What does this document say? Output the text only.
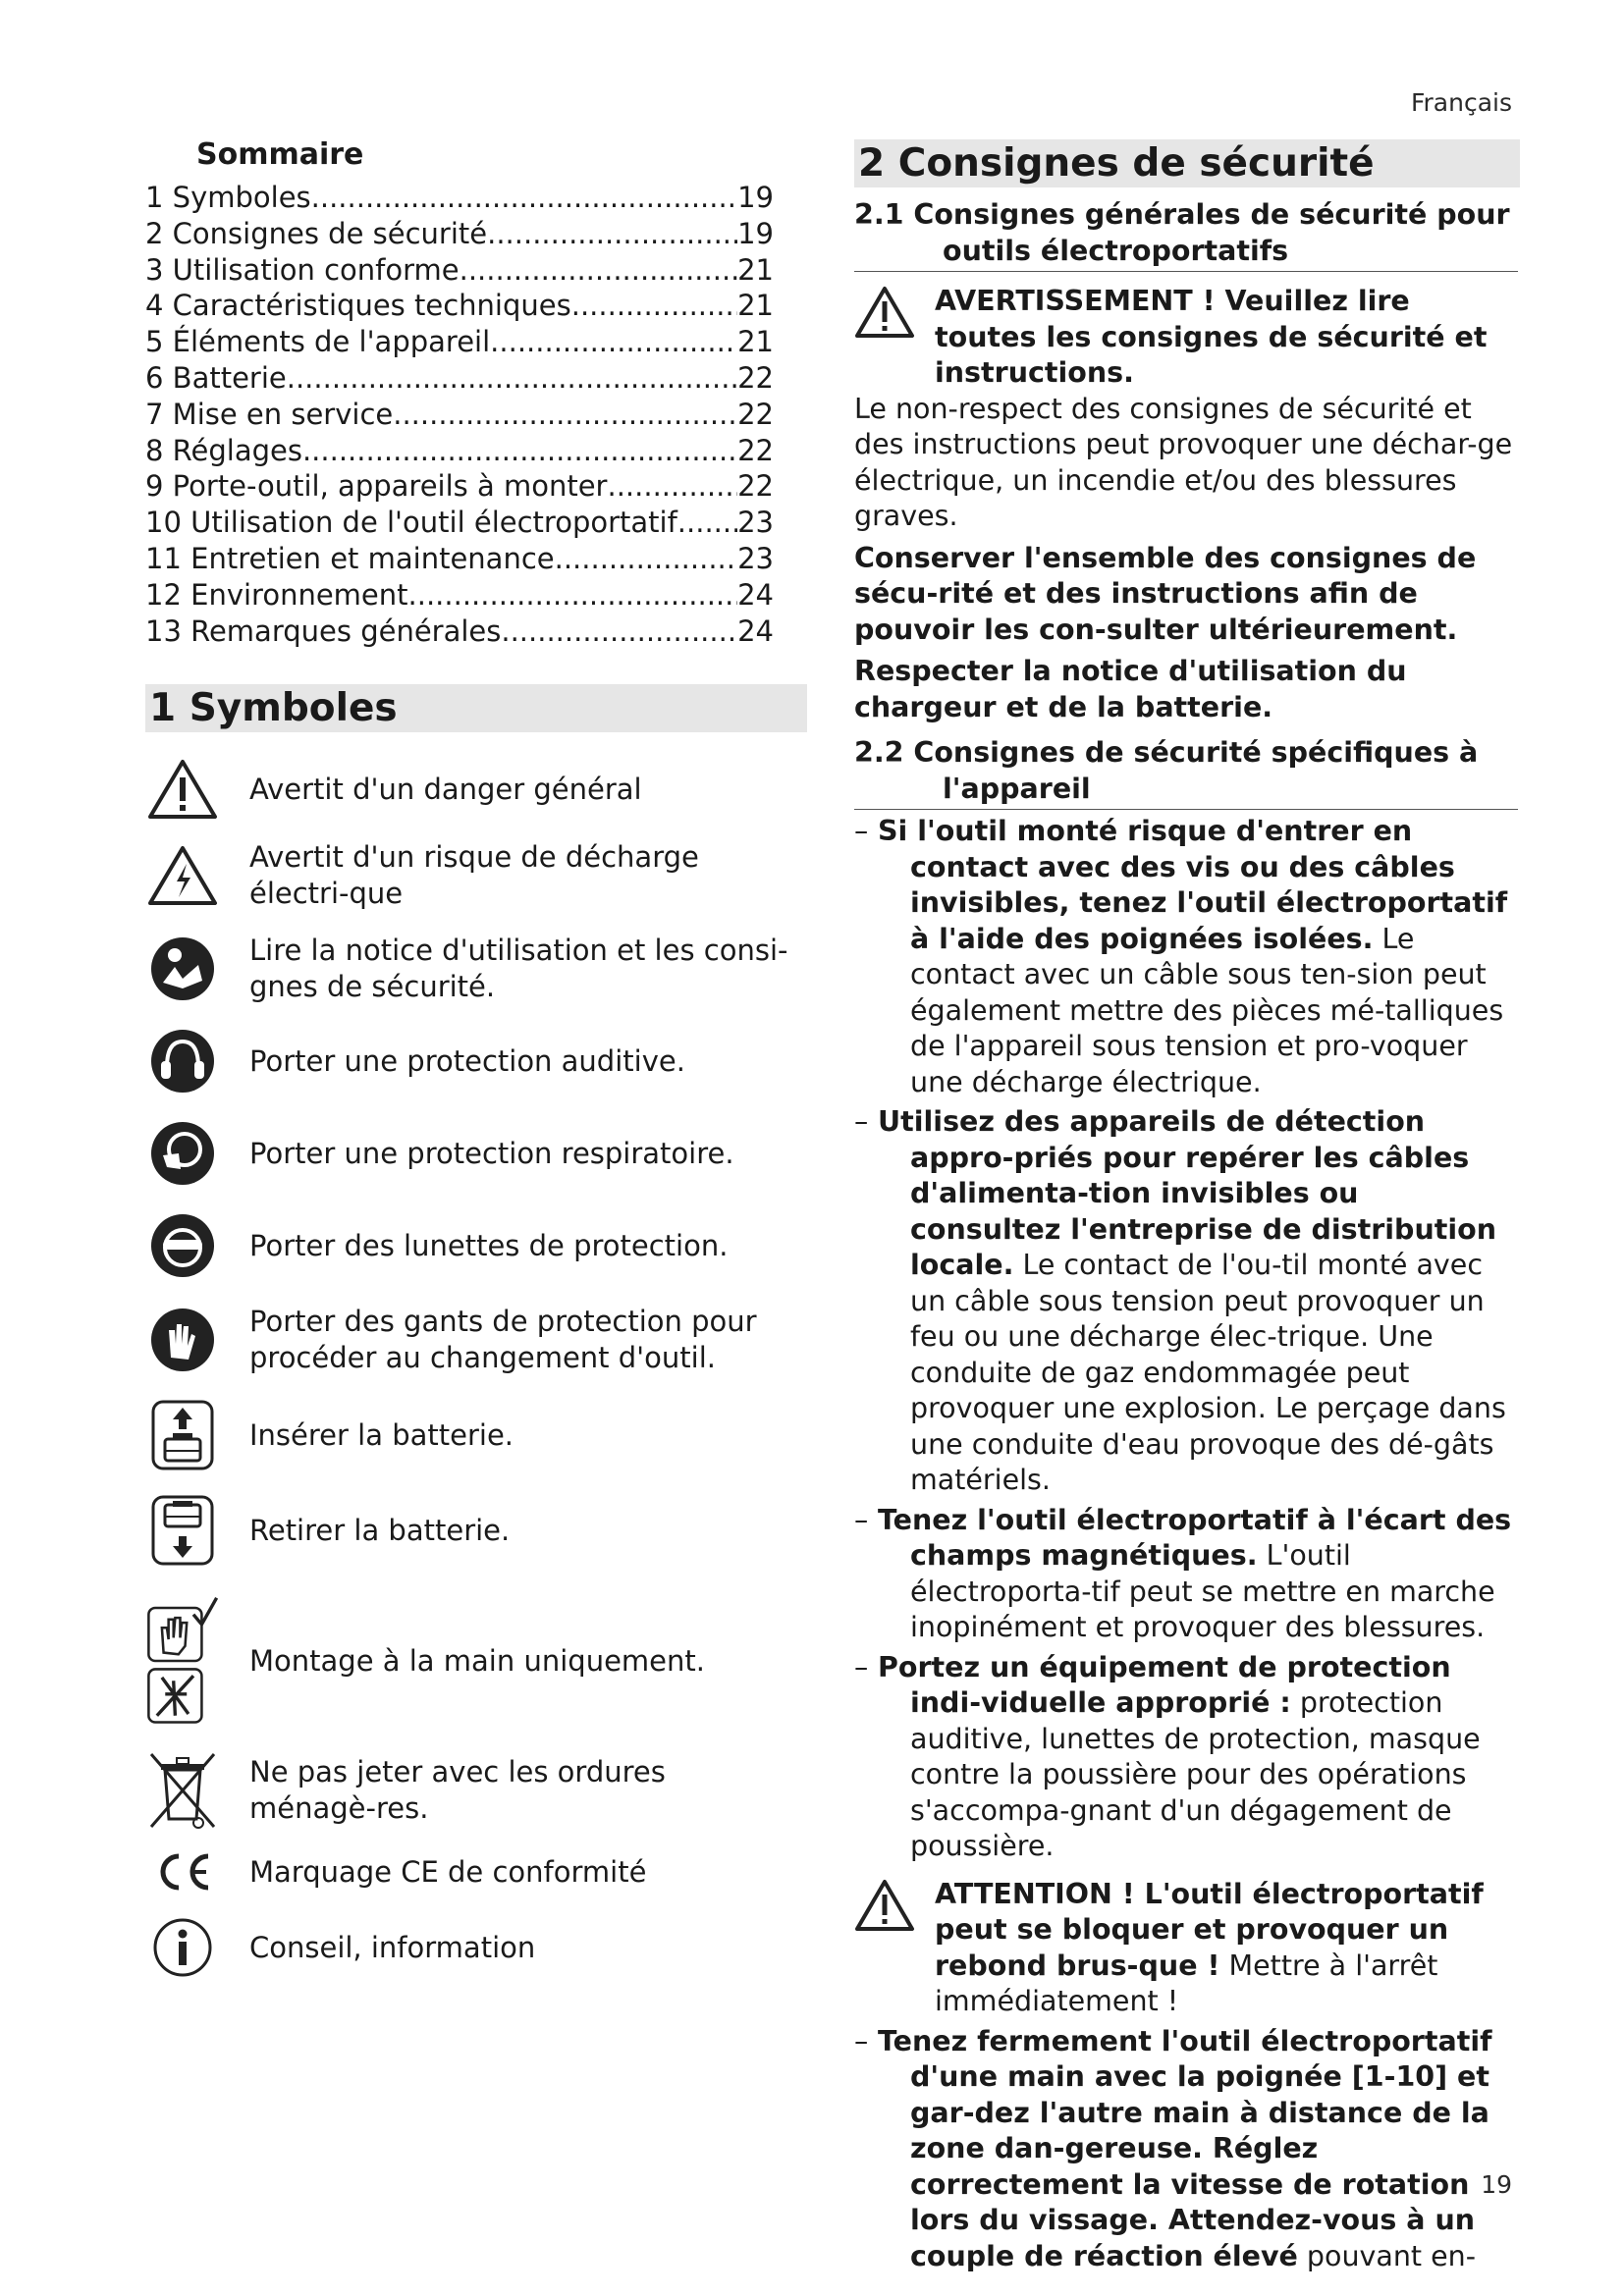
Français
Sommaire
1 Symboles .....	19
2 Consignes de sécurité .....	19
3 Utilisation conforme .....	21
4 Caractéristiques techniques .....	21
5 Éléments de l'appareil .....	21
6 Batterie .....	22
7 Mise en service .....	22
8 Réglages .....	22
9 Porte-outil, appareils à monter .....	22
10 Utilisation de l'outil électroportatif ..... 23
11 Entretien et maintenance .....	23
12 Environnement .....	24
13 Remarques générales .....	24
1 Symboles
Avertit d'un danger général
Avertit d'un risque de décharge électri-que
Lire la notice d'utilisation et les consi-gnes de sécurité.
Porter une protection auditive.
Porter une protection respiratoire.
Porter des lunettes de protection.
Porter des gants de protection pour procéder au changement d'outil.
Insérer la batterie.
Retirer la batterie.
Montage à la main uniquement.
Ne pas jeter avec les ordures ménagè-res.
Marquage CE de conformité
Conseil, information
2 Consignes de sécurité
2.1 Consignes générales de sécurité pour
outils électroportatifs

AVERTISSEMENT ! Veuillez lire toutes les consignes de sécurité et instructions.

Le non-respect des consignes de sécurité et des instructions peut provoquer une déchar-ge électrique, un incendie et/ou des blessures graves.

Conserver l'ensemble des consignes de sécu-rité et des instructions afin de pouvoir les con-sulter ultérieurement.

Respecter la notice d'utilisation du chargeur et de la batterie.

2.2 Consignes de sécurité spécifiques à
l'appareil

– Si l'outil monté risque d'entrer en contact avec des vis ou des câbles invisibles, tenez l'outil électroportatif à l'aide des poignées isolées. Le contact avec un câble sous ten-sion peut également mettre des pièces mé-talliques de l'appareil sous tension et pro-voquer une décharge électrique.

– Utilisez des appareils de détection appro-priés pour repérer les câbles d'alimenta-tion invisibles ou consultez l'entreprise de distribution locale. Le contact de l'ou-til monté avec un câble sous tension peut provoquer un feu ou une décharge élec-trique. Une conduite de gaz endommagée peut provoquer une explosion. Le perçage dans une conduite d'eau provoque des dé-gâts matériels.

– Tenez l'outil électroportatif à l'écart des champs magnétiques. L'outil électroporta-tif peut se mettre en marche inopinément et provoquer des blessures.

– Portez un équipement de protection indi-viduelle approprié : protection auditive, lunettes de protection, masque contre la poussière pour des opérations s'accompa-gnant d'un dégagement de poussière.

ATTENTION ! L'outil électroportatif peut se bloquer et provoquer un rebond brus-que ! Mettre à l'arrêt immédiatement !

– Tenez fermement l'outil électroportatif d'une main avec la poignée [1-10] et gar-dez l'autre main à distance de la zone dan-gereuse. Réglez correctement la vitesse de rotation lors du vissage. Attendez-vous à un couple de réaction élevé pouvant en-

19
